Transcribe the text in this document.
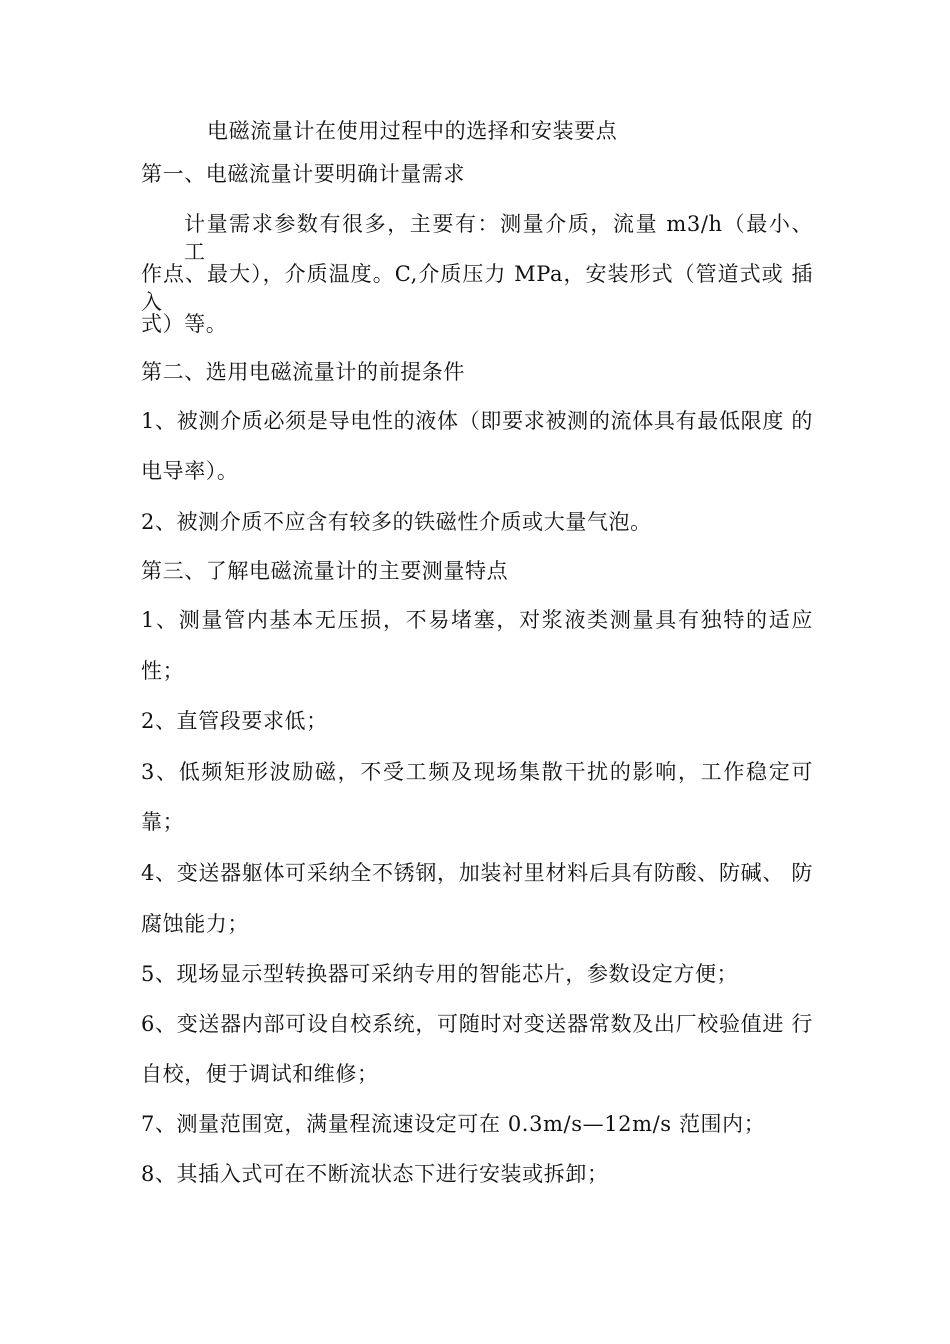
电磁流量计在使用过程中的选择和安装要点
第一、电磁流量计要明确计量需求
计量需求参数有很多，主要有：测量介质，流量 m3/h（最小、 工
作点、最大），介质温度。C,介质压力 MPa，安装形式（管道式或 插入
式）等。
第二、选用电磁流量计的前提条件
1、被测介质必须是导电性的液体（即要求被测的流体具有最低限度 的
电导率）。
2、被测介质不应含有较多的铁磁性介质或大量气泡。
第三、了解电磁流量计的主要测量特点
1、测量管内基本无压损，不易堵塞，对浆液类测量具有独特的适应
性；
2、直管段要求低；
3、低频矩形波励磁，不受工频及现场集散干扰的影响，工作稳定可
靠；
4、变送器躯体可采纳全不锈钢，加装衬里材料后具有防酸、防碱、 防
腐蚀能力；
5、现场显示型转换器可采纳专用的智能芯片，参数设定方便；
6、变送器内部可设自校系统，可随时对变送器常数及出厂校验值进 行
自校，便于调试和维修；
7、测量范围宽，满量程流速设定可在 0.3m/s—12m/s 范围内；
8、其插入式可在不断流状态下进行安装或拆卸；
